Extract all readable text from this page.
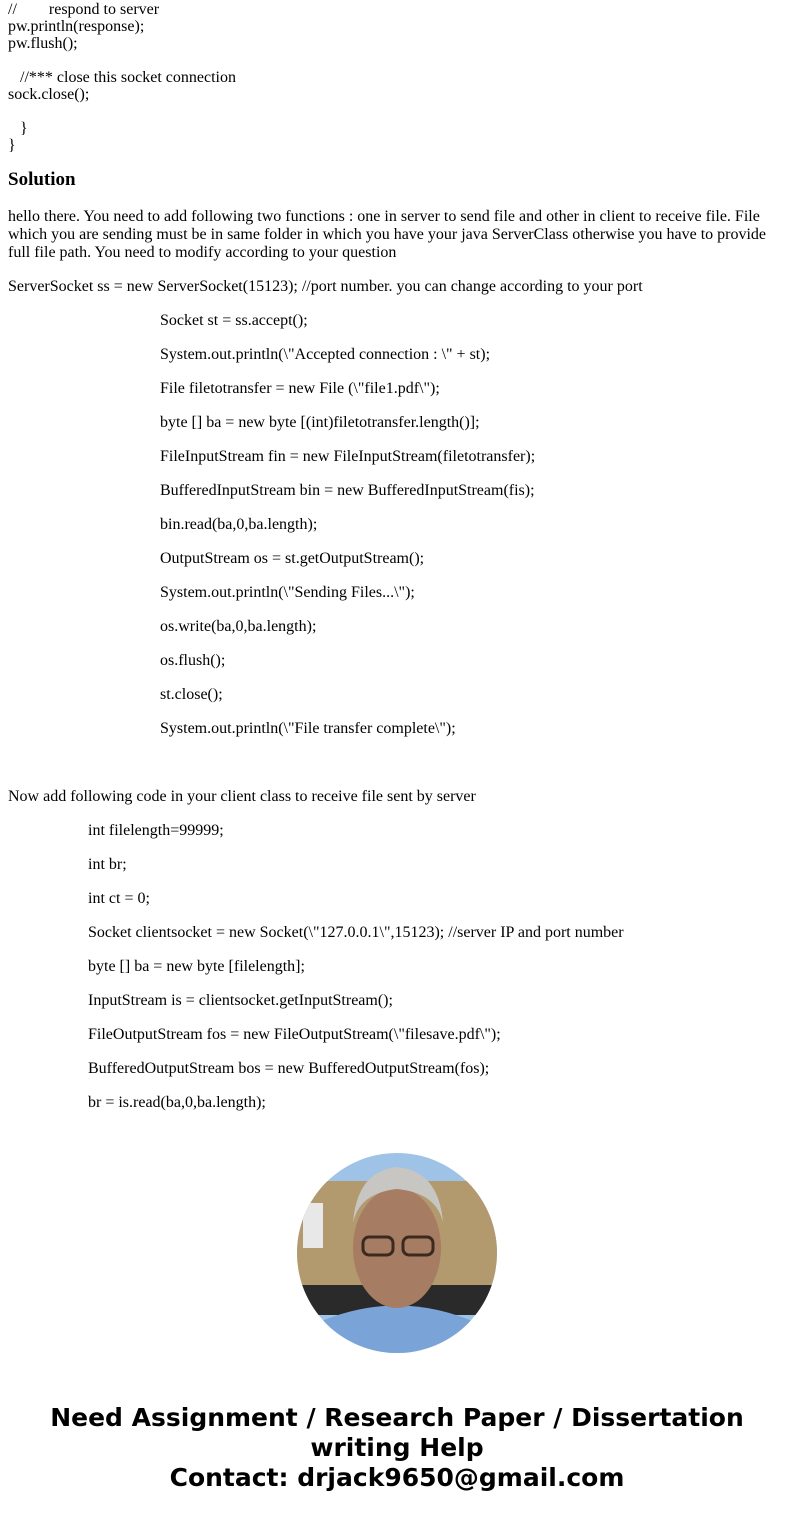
//        respond to server
pw.println(response);
pw.flush();
//*** close this socket connection
sock.close();
}
}
Solution
hello there. You need to add following two functions : one in server to send file and other in client to receive file. File which you are sending must be in same folder in which you have your java ServerClass otherwise you have to provide full file path. You need to modify according to your question

ServerSocket ss = new ServerSocket(15123); //port number. you can change according to your port

Socket st = ss.accept();

System.out.println(\"Accepted connection : \" + st);

File filetotransfer = new File (\"file1.pdf\");

byte [] ba = new byte [(int)filetotransfer.length()];

FileInputStream fin = new FileInputStream(filetotransfer);

BufferedInputStream bin = new BufferedInputStream(fis);

bin.read(ba,0,ba.length);

OutputStream os = st.getOutputStream();

System.out.println(\"Sending Files...\");

os.write(ba,0,ba.length);

os.flush();

st.close();

System.out.println(\"File transfer complete\");

Now add following code in your client class to receive file sent by server

int filelength=99999;

int br;

int ct = 0;

Socket clientsocket = new Socket(\"127.0.0.1\",15123); //server IP and port number

byte [] ba = new byte [filelength];

InputStream is = clientsocket.getInputStream();

FileOutputStream fos = new FileOutputStream(\"filesave.pdf\");

BufferedOutputStream bos = new BufferedOutputStream(fos);

br = is.read(ba,0,ba.length);

Need Assignment / Research Paper / Dissertation
writing Help
Contact: drjack9650@gmail.com
